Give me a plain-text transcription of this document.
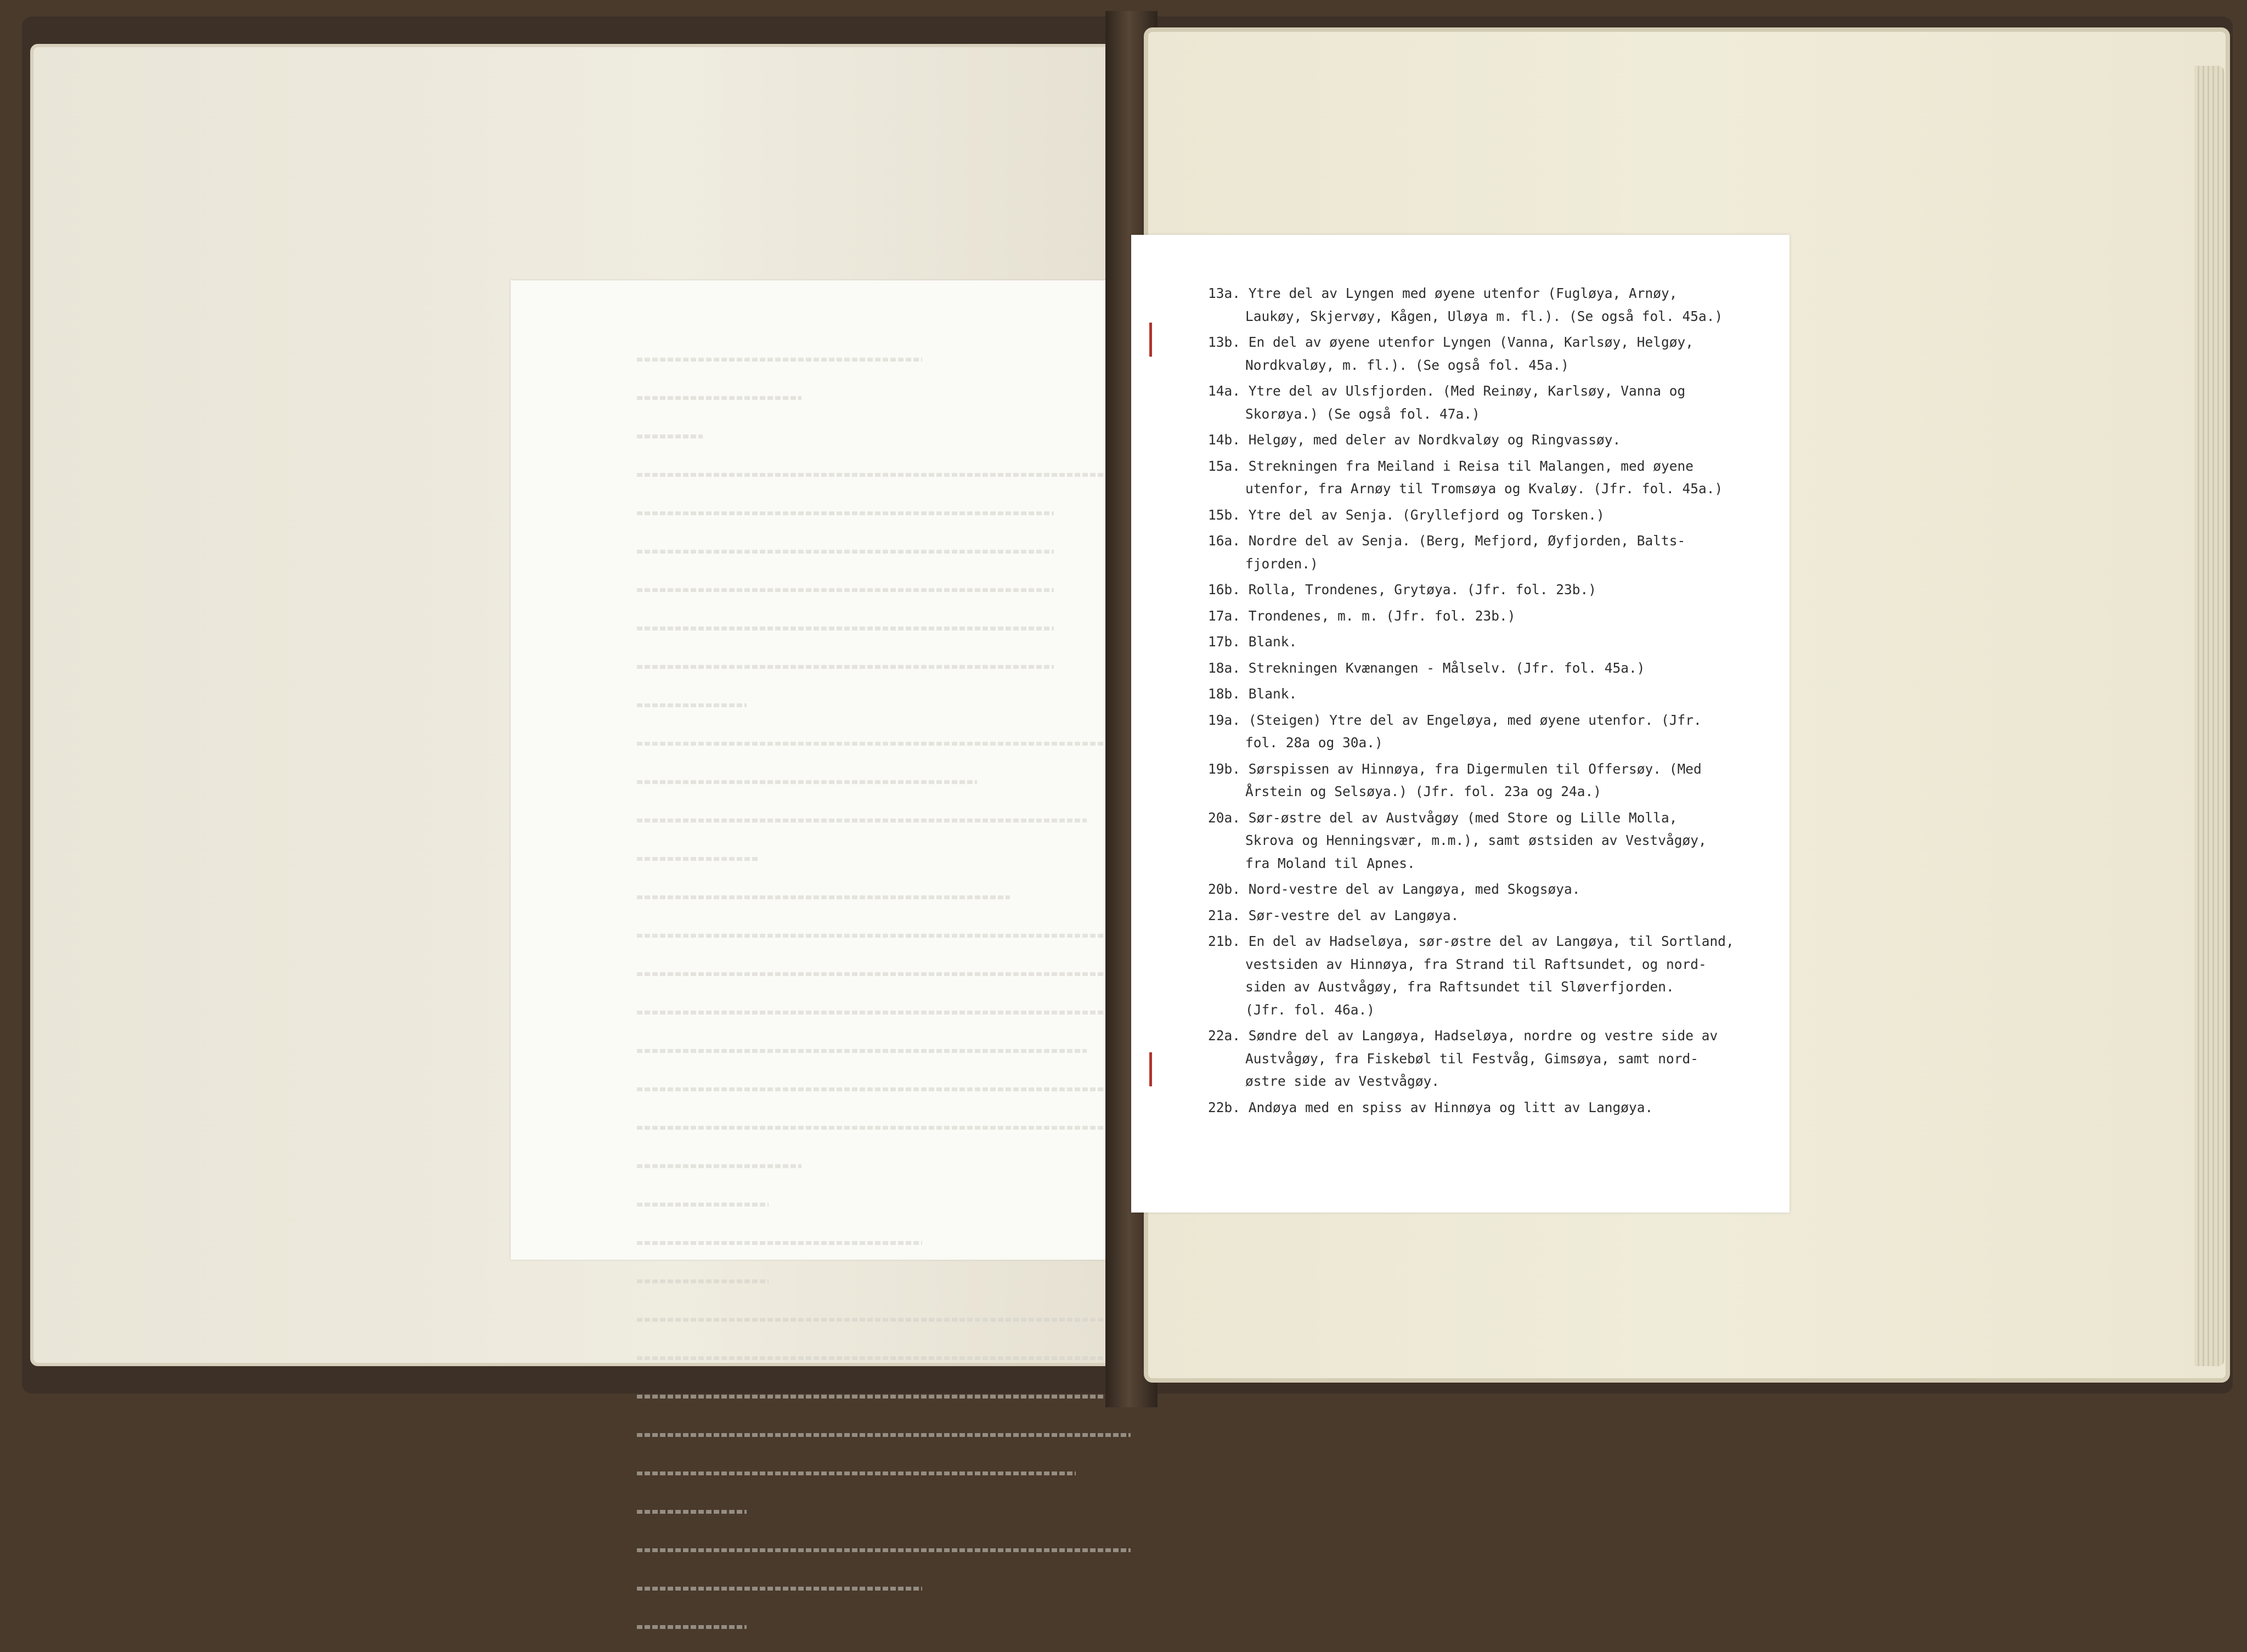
13a. Ytre del av Lyngen med øyene utenfor (Fugløya, Arnøy,
Laukøy, Skjervøy, Kågen, Uløya m. fl.). (Se også fol. 45a.)
13b. En del av øyene utenfor Lyngen (Vanna, Karlsøy, Helgøy,
Nordkvaløy, m. fl.). (Se også fol. 45a.)
14a. Ytre del av Ulsfjorden. (Med Reinøy, Karlsøy, Vanna og
Skorøya.) (Se også fol. 47a.)
14b. Helgøy, med deler av Nordkvaløy og Ringvassøy.
15a. Strekningen fra Meiland i Reisa til Malangen, med øyene
utenfor, fra Arnøy til Tromsøya og Kvaløy. (Jfr. fol. 45a.)
15b. Ytre del av Senja. (Gryllefjord og Torsken.)
16a. Nordre del av Senja. (Berg, Mefjord, Øyfjorden, Balts-
fjorden.)
16b. Rolla, Trondenes, Grytøya. (Jfr. fol. 23b.)
17a. Trondenes, m. m. (Jfr. fol. 23b.)
17b. Blank.
18a. Strekningen Kvænangen - Målselv. (Jfr. fol. 45a.)
18b. Blank.
19a. (Steigen) Ytre del av Engeløya, med øyene utenfor. (Jfr.
fol. 28a og 30a.)
19b. Sørspissen av Hinnøya, fra Digermulen til Offersøy. (Med
Årstein og Selsøya.) (Jfr. fol. 23a og 24a.)
20a. Sør-østre del av Austvågøy (med Store og Lille Molla,
Skrova og Henningsvær, m.m.), samt østsiden av Vestvågøy,
fra Moland til Apnes.
20b. Nord-vestre del av Langøya, med Skogsøya.
21a. Sør-vestre del av Langøya.
21b. En del av Hadseløya, sør-østre del av Langøya, til Sortland,
vestsiden av Hinnøya, fra Strand til Raftsundet, og nord-
siden av Austvågøy, fra Raftsundet til Sløverfjorden.
(Jfr. fol. 46a.)
22a. Søndre del av Langøya, Hadseløya, nordre og vestre side av
Austvågøy, fra Fiskebøl til Festvåg, Gimsøya, samt nord-
østre side av Vestvågøy.
22b. Andøya med en spiss av Hinnøya og litt av Langøya.
